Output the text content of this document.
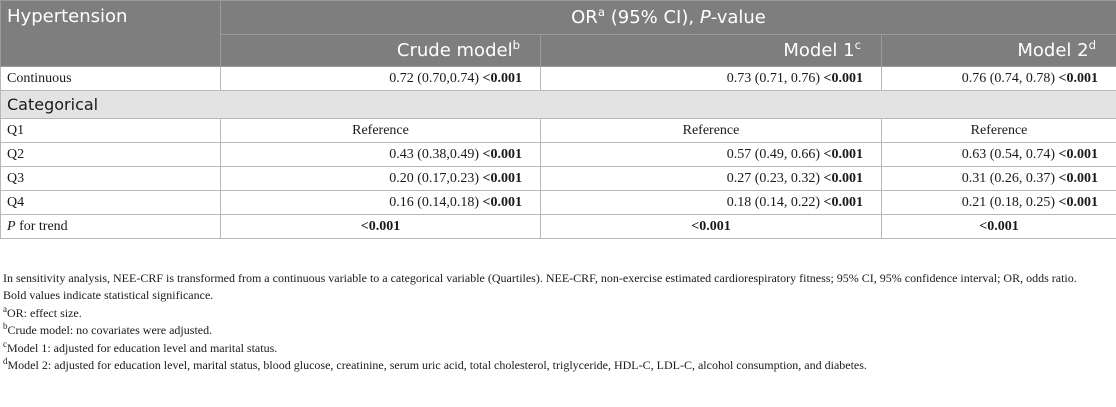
Hypertension	$OR^a$ (95% CI), P-value		
	Crude model$^b$	Model 1$^c$	Model 2$^d$
Continuous	0.72 (0.70,0.74) <0.001	0.73 (0.71, 0.76) <0.001	0.76 (0.74, 0.78) <0.001
Categorical			
Q1	Reference	Reference	Reference
Q2	0.43 (0.38,0.49) <0.001	0.57 (0.49, 0.66) <0.001	0.63 (0.54, 0.74) <0.001
Q3	0.20 (0.17,0.23) <0.001	0.27 (0.23, 0.32) <0.001	0.31 (0.26, 0.37) <0.001
Q4	0.16 (0.14,0.18) <0.001	0.18 (0.14, 0.22) <0.001	0.21 (0.18, 0.25) <0.001
P for trend	<0.001	<0.001	<0.001

In sensitivity analysis, NEE-CRF is transformed from a continuous variable to a categorical variable (Quartiles). NEE-CRF, non-exercise estimated cardiorespiratory fitness; 95% CI, 95% confidence interval; OR, odds ratio.

Bold values indicate statistical significance.

$^a$OR: effect size.

$^b$Crude model: no covariates were adjusted.

$^c$Model 1: adjusted for education level and marital status.

$^d$Model 2: adjusted for education level, marital status, blood glucose, creatinine, serum uric acid, total cholesterol, triglyceride, HDL-C, LDL-C, alcohol consumption, and diabetes.
